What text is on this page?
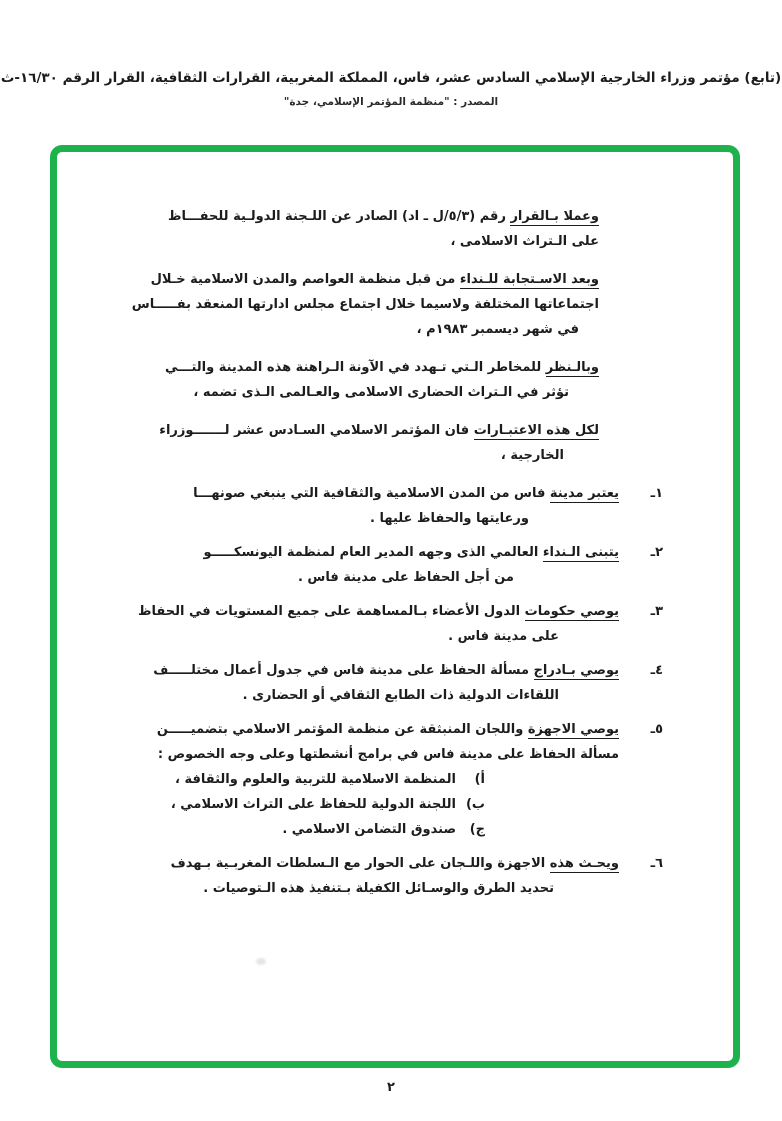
(تابع) مؤتمر وزراء الخارجية الإسلامي السادس عشر، فاس، المملكة المغربية، القرارات الثقافية، القرار الرقم ١٦/٣٠-ث
المصدر : "منظمة المؤتمر الإسلامي، جدة"
وعملا بـالقرار رقم (٥/٣/ل ـ اد) الصادر عن اللـجنة الدولـية للحفـــاظ
على الـتراث الاسلامى ،
وبعد الاسـتجابة للـنداء من قبل منظمة العواصم والمدن الاسلامية خـلال
اجتماعاتها المختلفة ولاسيما خلال اجتماع مجلس ادارتها المنعقد بفـــــاس
في شهر ديسمبر ١٩٨٣م ،
وبالـنظر للمخاطر الـتي تـهدد في الآونة الـراهنة هذه المدينة والتـــي
تؤثر في الـتراث الحضارى الاسلامى والعـالمى الـذى تضمه ،
لكل هذه الاعتبـارات فان المؤتمر الاسلامي السـادس عشر لـــــــوزراء
الخارجية ،
١ـ
يعتبر مدينة فاس من المدن الاسلامية والثقافية التي ينبغي صونهـــا
ورعايتها والحفاظ عليها .
٢ـ
يتبنى الـنداء العالمي الذى وجهه المدير العام لمنظمة اليونسكـــــو
من أجل الحفاظ على مدينة فاس .
٣ـ
يوصي حكومات الدول الأعضاء بـالمساهمة على جميع المستويات في الحفاظ
على مدينة فاس .
٤ـ
يوصي بـادراج مسألة الحفاظ على مدينة فاس في جدول أعمال مختلـــــف
اللقاءات الدولية ذات الطابع الثقافي أو الحضارى .
٥ـ
يوصي الاجهزة واللجان المنبثقة عن منظمة المؤتمر الاسلامي بتضميـــــن
مسألة الحفاظ على مدينة فاس في برامج أنشطتها وعلى وجه الخصوص :
أ)
المنظمة الاسلامية للتربية والعلوم والثقافة ،
ب)
اللجنة الدولية للحفاظ على التراث الاسلامي ،
ج)
صندوق التضامن الاسلامي .
٦ـ
ويحـث هذه الاجهزة واللـجان على الحوار مع الـسلطات المغربـية بـهدف
تحديد الطرق والوسـائل الكفيلة بـتنفيذ هذه الـتوصيات .
٢
